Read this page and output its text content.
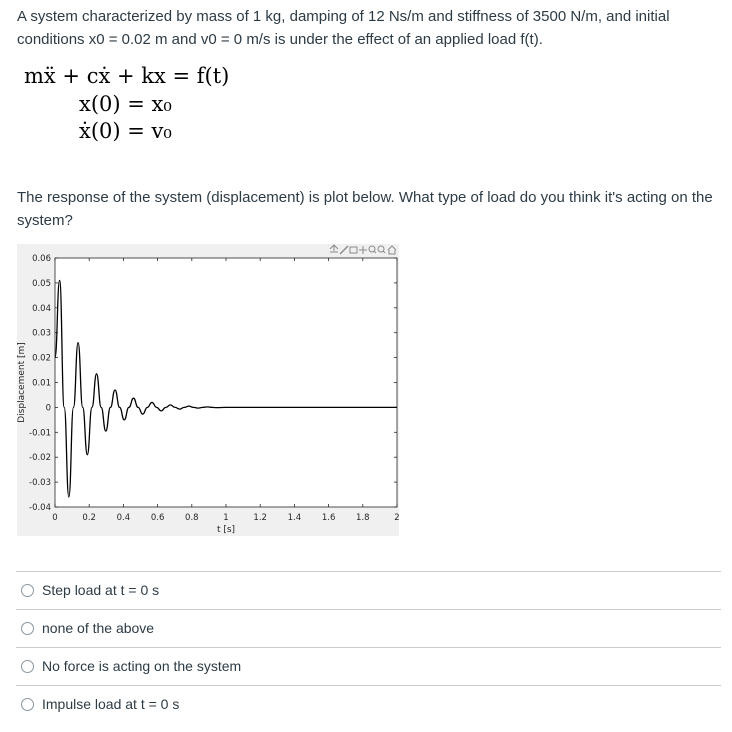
A system characterized by mass of 1 kg, damping of 12 Ns/m and stiffness of 3500 N/m, and initial conditions x0 = 0.02 m and v0 = 0 m/s is under the effect of an applied load f(t).

mẍ + cẋ + kx = f(t)
x(0) = x₀
ẋ(0) = v₀

The response of the system (displacement) is plot below. What type of load do you think it's acting on the system?

0	0.2 0.4 0.6 0.8	1	1.2 1.4 1.6 1.8	2
-0.04
-0.03
-0.02
-0.01
0
0.01
0.02
0.03
0.04
0.05
0.06
t [s]
Displacement [m]
Step load at t = 0 s
none of the above
No force is acting on the system
Impulse load at t = 0 s
